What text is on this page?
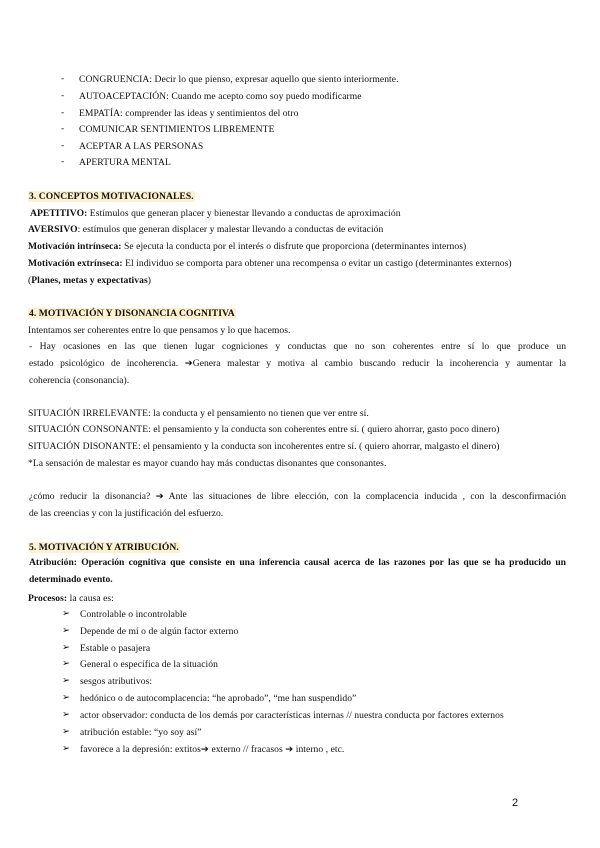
- CONGRUENCIA: Decir lo que pienso, expresar aquello que siento interiormente.
- AUTOACEPTACIÓN: Cuando me acepto como soy puedo modificarme
- EMPATÍA: comprender las ideas y sentimientos del otro
- COMUNICAR SENTIMIENTOS LIBREMENTE
- ACEPTAR A LAS PERSONAS
- APERTURA MENTAL
3. CONCEPTOS MOTIVACIONALES.
APETITIVO: Estímulos que generan placer y bienestar llevando a conductas de aproximación
AVERSIVO: estímulos que generan displacer y malestar llevando a conductas de evitación
Motivación intrínseca: Se ejecuta la conducta por el interés o disfrute que proporciona (determinantes internos)
Motivación extrínseca: El individuo se comporta para obtener una recompensa o evitar un castigo (determinantes externos)
(Planes, metas y expectativas)
4. MOTIVACIÓN Y DISONANCIA COGNITIVA
Intentamos ser coherentes entre lo que pensamos y lo que hacemos.
- Hay ocasiones en las que tienen lugar cogniciones y conductas que no son coherentes entre sí lo que produce un
estado psicológico de incoherencia. ➔Genera malestar y motiva al cambio buscando reducir la incoherencia y aumentar la
coherencia (consonancia).
SITUACIÓN IRRELEVANTE: la conducta y el pensamiento no tienen que ver entre sí.
SITUACIÓN CONSONANTE: el pensamiento y la conducta son coherentes entre sí. ( quiero ahorrar, gasto poco dinero)
SITUACIÓN DISONANTE: el pensamiento y la conducta son incoherentes entre sí. ( quiero ahorrar, malgasto el dinero)
*La sensación de malestar es mayor cuando hay más conductas disonantes que consonantes.
¿cómo reducir la disonancia? ➔ Ante las situaciones de libre elección, con la complacencia inducida , con la desconfirmación
de las creencias y con la justificación del esfuerzo.
5. MOTIVACIÓN Y ATRIBUCIÓN.
Atribución: Operación cognitiva que consiste en una inferencia causal acerca de las razones por las que se ha producido un
determinado evento.
Procesos: la causa es:
➢ Controlable o incontrolable
➢ Depende de mí o de algún factor externo
➢ Estable o pasajera
➢ General o específica de la situación
➢ sesgos atributivos:
➢ hedónico o de autocomplacencia: “he aprobado”, “me han suspendido”
➢ actor observador: conducta de los demás por características internas // nuestra conducta por factores externos
➢ atribución estable: “yo soy así”
➢ favorece a la depresión: extitos➔ externo // fracasos ➔ interno , etc.
2
